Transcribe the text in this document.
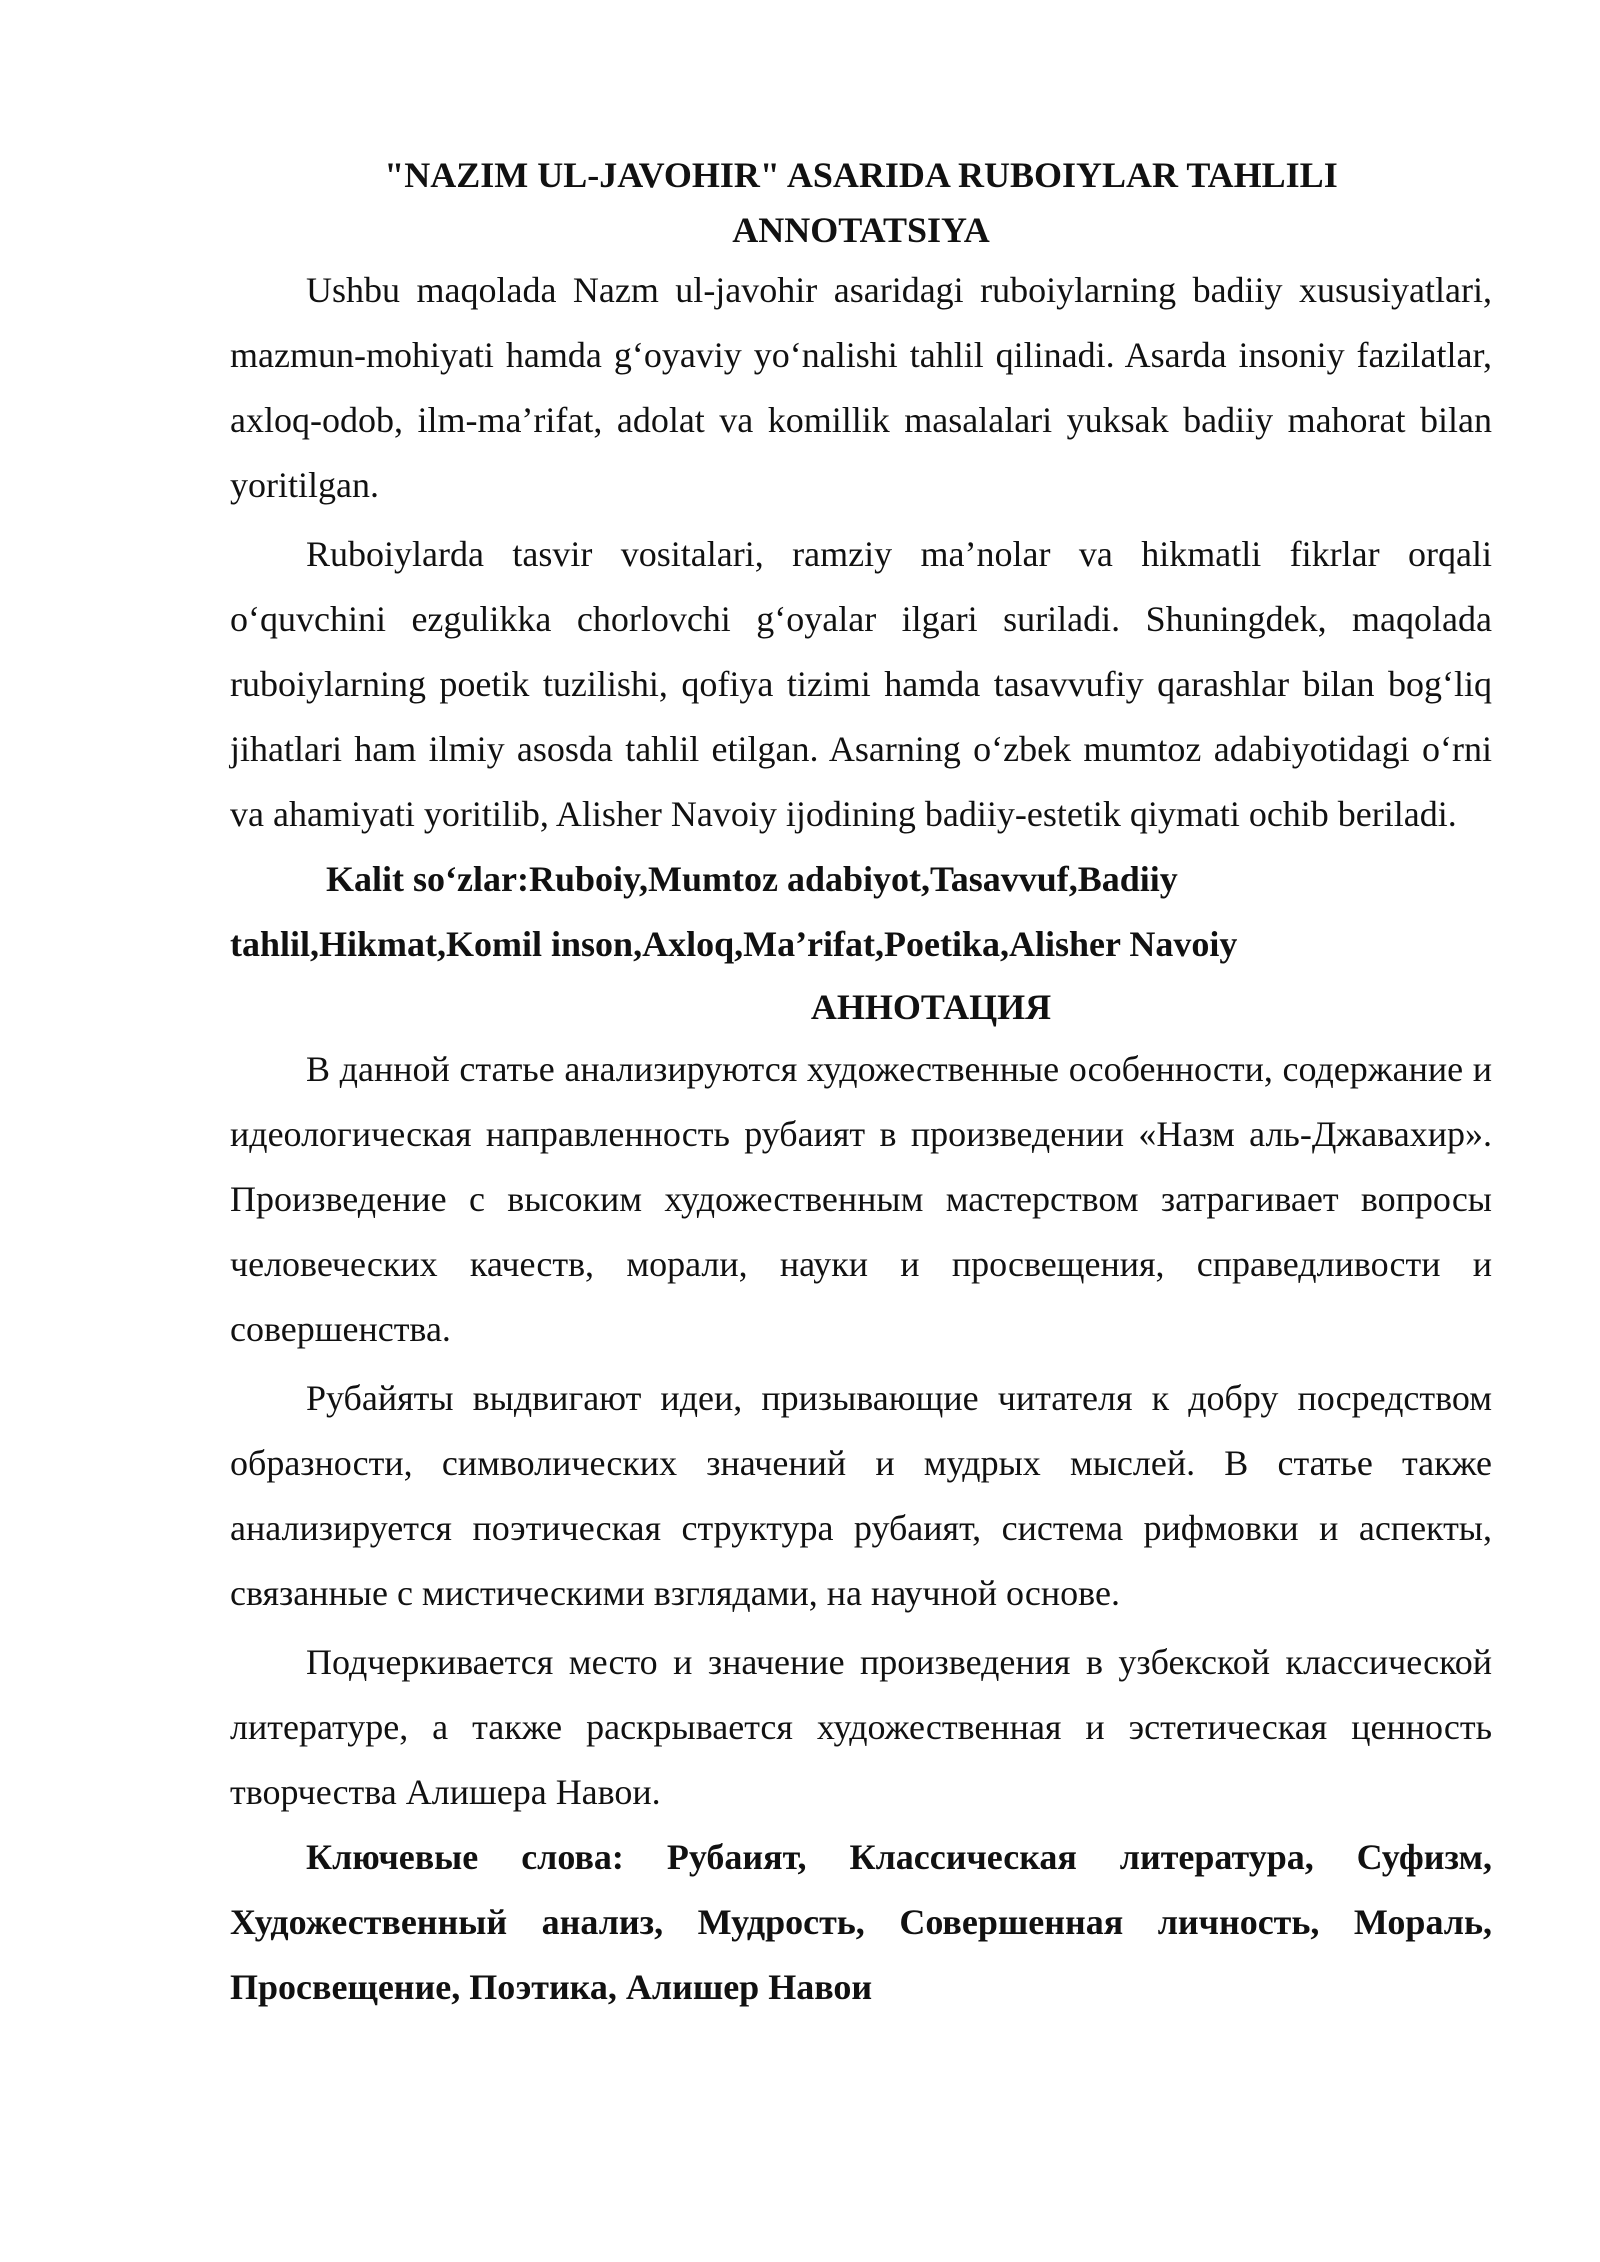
"NAZIM UL-JAVOHIR" ASARIDA RUBOIYLAR TAHLILI
ANNOTATSIYA

Ushbu maqolada Nazm ul-javohir asaridagi ruboiylarning badiiy xususiyatlari, mazmun-mohiyati hamda g‘oyaviy yo‘nalishi tahlil qilinadi. Asarda insoniy fazilatlar, axloq-odob, ilm-ma’rifat, adolat va komillik masalalari yuksak badiiy mahorat bilan yoritilgan.

Ruboiylarda tasvir vositalari, ramziy ma’nolar va hikmatli fikrlar orqali o‘quvchini ezgulikka chorlovchi g‘oyalar ilgari suriladi. Shuningdek, maqolada ruboiylarning poetik tuzilishi, qofiya tizimi hamda tasavvufiy qarashlar bilan bog‘liq jihatlari ham ilmiy asosda tahlil etilgan. Asarning o‘zbek mumtoz adabiyotidagi o‘rni va ahamiyati yoritilib, Alisher Navoiy ijodining badiiy-estetik qiymati ochib beriladi.

Kalit so‘zlar:Ruboiy,Mumtoz adabiyot,Tasavvuf,Badiiy tahlil,Hikmat,Komil inson,Axloq,Ma’rifat,Poetika,Alisher Navoiy

АННОТАЦИЯ

В данной статье анализируются художественные особенности, содержание и идеологическая направленность рубаият в произведении «Назм аль-Джавахир». Произведение с высоким художественным мастерством затрагивает вопросы человеческих качеств, морали, науки и просвещения, справедливости и совершенства.

Рубайяты выдвигают идеи, призывающие читателя к добру посредством образности, символических значений и мудрых мыслей. В статье также анализируется поэтическая структура рубаият, система рифмовки и аспекты, связанные с мистическими взглядами, на научной основе.

Подчеркивается место и значение произведения в узбекской классической литературе, а также раскрывается художественная и эстетическая ценность творчества Алишера Навои.

Ключевые слова: Рубаият, Классическая литература, Суфизм, Художественный анализ, Мудрость, Совершенная личность, Мораль, Просвещение, Поэтика, Алишер Навои
